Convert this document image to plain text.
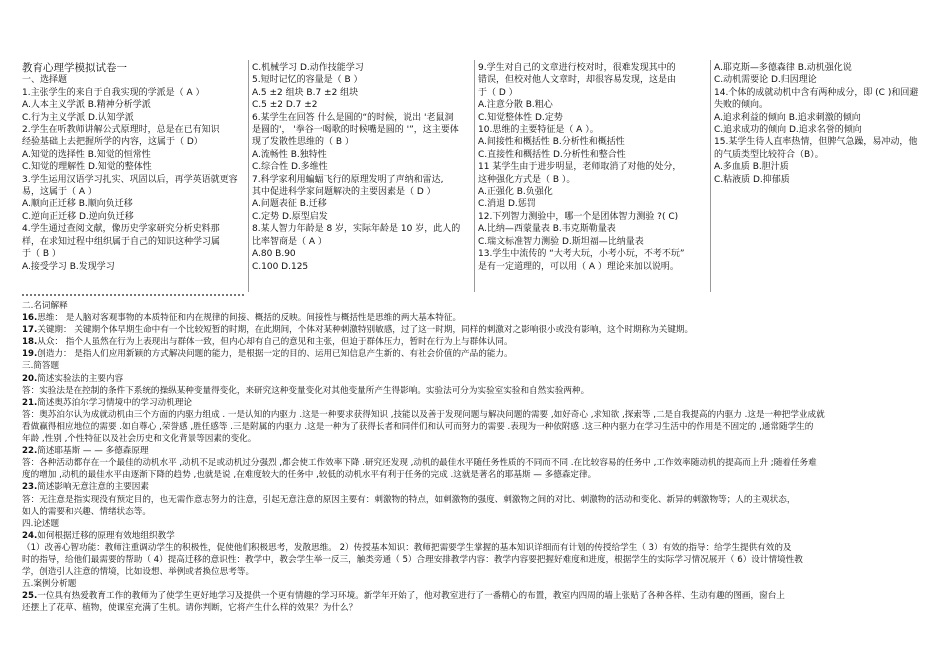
教育心理学模拟试卷一

一、选择题

1.主张学生的来自于自我实现的学派是（ A ）

A.人本主义学派 B.精神分析学派

C.行为主义学派 D.认知学派

2.学生在听教师讲解公式原理时，总是在已有知识

经验基础上去把握所学的内容，这属于（ D）

A.知觉的选择性 B.知觉的恒常性

C.知觉的理解性 D.知觉的整体性

3.学生运用汉语学习扎实、巩固以后，再学英语就更容

易，这属于（ A ）

A.顺向正迁移 B.顺向负迁移

C.逆向正迁移 D.逆向负迁移

4.学生通过查阅文献，像历史学家研究分析史料那

样，在求知过程中组织属于自己的知识这种学习属

于（ B ）

A.接受学习 B.发现学习

C.机械学习 D.动作技能学习

5.短时记忆的容量是（ B ）

A.5 ±2 组块 B.7 ±2 组块

C.5 ±2 D.7 ±2

6.某学生在回答 什么是圆的“的时候，说出 '老鼠洞

是圆的'， '拳谷一喝歌的时候嘴是圆的 '”，这主要体

现了发散性思维的（ B ）

A.流畅性 B.独特性

C.综合性 D.多维性

7.科学家利用蝙蝠飞行的原理发明了声纳和雷达,

其中促进科学家问题解决的主要因素是（ D ）

A.问题表征 B.迁移

C.定势 D.原型启发

8.某人智力年龄是 8 岁，实际年龄是 10 岁，此人的

比率智商是（ A ）

A.80 B.90

C.100 D.125

9.学生对自己的文章进行校对时，很难发现其中的

错误，但校对他人文章时，却很容易发现，这是由

于（ D ）

A.注意分散 B.粗心

C.知觉整体性 D.定势

10.思维的主要特征是（ A ）。

A.间接性和概括性 B.分析性和概括性

C.直接性和概括性 D.分析性和整合性

11 某学生由于进步明显，老师取消了对他的处分，

这种强化方式是（ B ）。

A.正强化 B.负强化

C.消退 D.惩罚

12.下列智力测验中，哪一个是团体智力测验 ?( C)

A.比纳—西蒙量表 B.韦克斯勒量表

C.瑞文标准智力测验 D.斯坦福—比纳量表

13.学生中流传的 “大考大玩，小考小玩，不考不玩”

是有一定道理的，可以用（ A ）理论来加以说明。

A.耶克斯—多德森律 B.动机强化说

C.动机需要论 D.归因理论

14.个体的成就动机中含有两种成分，即 (C )和回避

失败的倾向。

A.追求利益的倾向 B.追求刺激的倾向

C.追求成功的倾向 D.追求名誉的倾向

15.某学生待人直率热情，但脾气急躁，易冲动，他

的气质类型比较符合（B）。

A.多血质 B.胆汁质

C.粘液质 D.抑郁质

二.名词解释

16.思维： 是人脑对客观事物的本质特征和内在规律的间接、概括的反映。间接性与概括性是思维的两大基本特征。

17.关键期： 关键期个体早期生命中有一个比较短暂的时期，在此期间，个体对某种刺激特别敏感，过了这一时期，同样的刺激对之影响很小或没有影响，这个时期称为关键期。

18.从众： 指个人虽然在行为上表现出与群体一致，但内心却有自己的意见和主张，但迫于群体压力，暂时在行为上与群体认同。

19.创造力： 是指人们应用新颖的方式解决问题的能力，是根据一定的目的、运用已知信息产生新的、有社会价值的产品的能力。

三.简答题

20.简述实验法的主要内容

答：实验法是在控制的条件下系统的操纵某种变量得变化，来研究这种变量变化对其他变量所产生得影响。实验法可分为实验室实验和自然实验两种。

21.简述奥苏泊尔学习情境中的学习动机理论

答：奥苏泊尔认为成就动机由三个方面的内驱力组成 . 一是认知的内驱力 .这是一种要求获得知识 ,技能以及善于发现问题与解决问题的需要 ,如好奇心 ,求知欲 ,探索等 ,二是自我提高的内驱力 .这是一种把学业成就

看做赢得相应地位的需要 .如自尊心 ,荣誉感 ,胜任感等 .三是附属的内驱力 .这是一种为了获得长者和同伴们和认可而努力的需要 .表现为一种依附感 .这三种内驱力在学习生活中的作用是不固定的 ,通常随学生的

年龄 ,性别 ,个性特征以及社会历史和文化背景等因素的变化。

22.简述耶基斯 — — 多德森原理

答：各种活动都存在一个最佳的动机水平 ,动机不足或动机过分强烈 ,都会使工作效率下降 .研究还发现 ,动机的最佳水平随任务性质的不同而不同 .在比较容易的任务中 ,工作效率随动机的提高而上升 ;随着任务难

度的增加 ,动机的最佳水平由逐渐下降的趋势 ,也就是说 ,在难度较大的任务中 ,较低的动机水平有利于任务的完成 .这就是著名的耶基斯 — 多德森定律。

23.简述影响无意注意的主要因素

答：无注意是指实现没有预定目的，也无需作意志努力的注意，引起无意注意的原因主要有：刺激物的特点，如刺激物的强度、刺激物之间的对比、刺激物的活动和变化、新异的刺激物等；人的主观状态，

如人的需要和兴趣、情绪状态等。

四.论述题

24.如何根据迁移的原理有效地组织教学

（1）改善心智功能：教师注重调动学生的积极性，促使他们积极思考，发散思维。 2）传授基本知识：教师把需要学生掌握的基本知识详细而有计划的传授给学生（ 3）有效的指导：给学生提供有效的及

时的指导，给他们最需要的帮助（ 4）提高迁移的意识性：教学中，教会学生举一反三，触类旁通（ 5）合理安排教学内容：教学内容要把握好难度和进度，根据学生的实际学习情况展开（ 6）设计情境性教

学，创造引人注意的情境，比如设想、举例或者换位思考等。

五.案例分析题

25.一位具有热爱教育工作的教师为了使学生更好地学习及提供一个更有情趣的学习环境。新学年开始了，他对教室进行了一番精心的布置，教室内四周的墙上张贴了各种各样、生动有趣的图画，窗台上

还摆上了花草、植物，使课室充满了生机。请你判断，它将产生什么样的效果？为什么？
